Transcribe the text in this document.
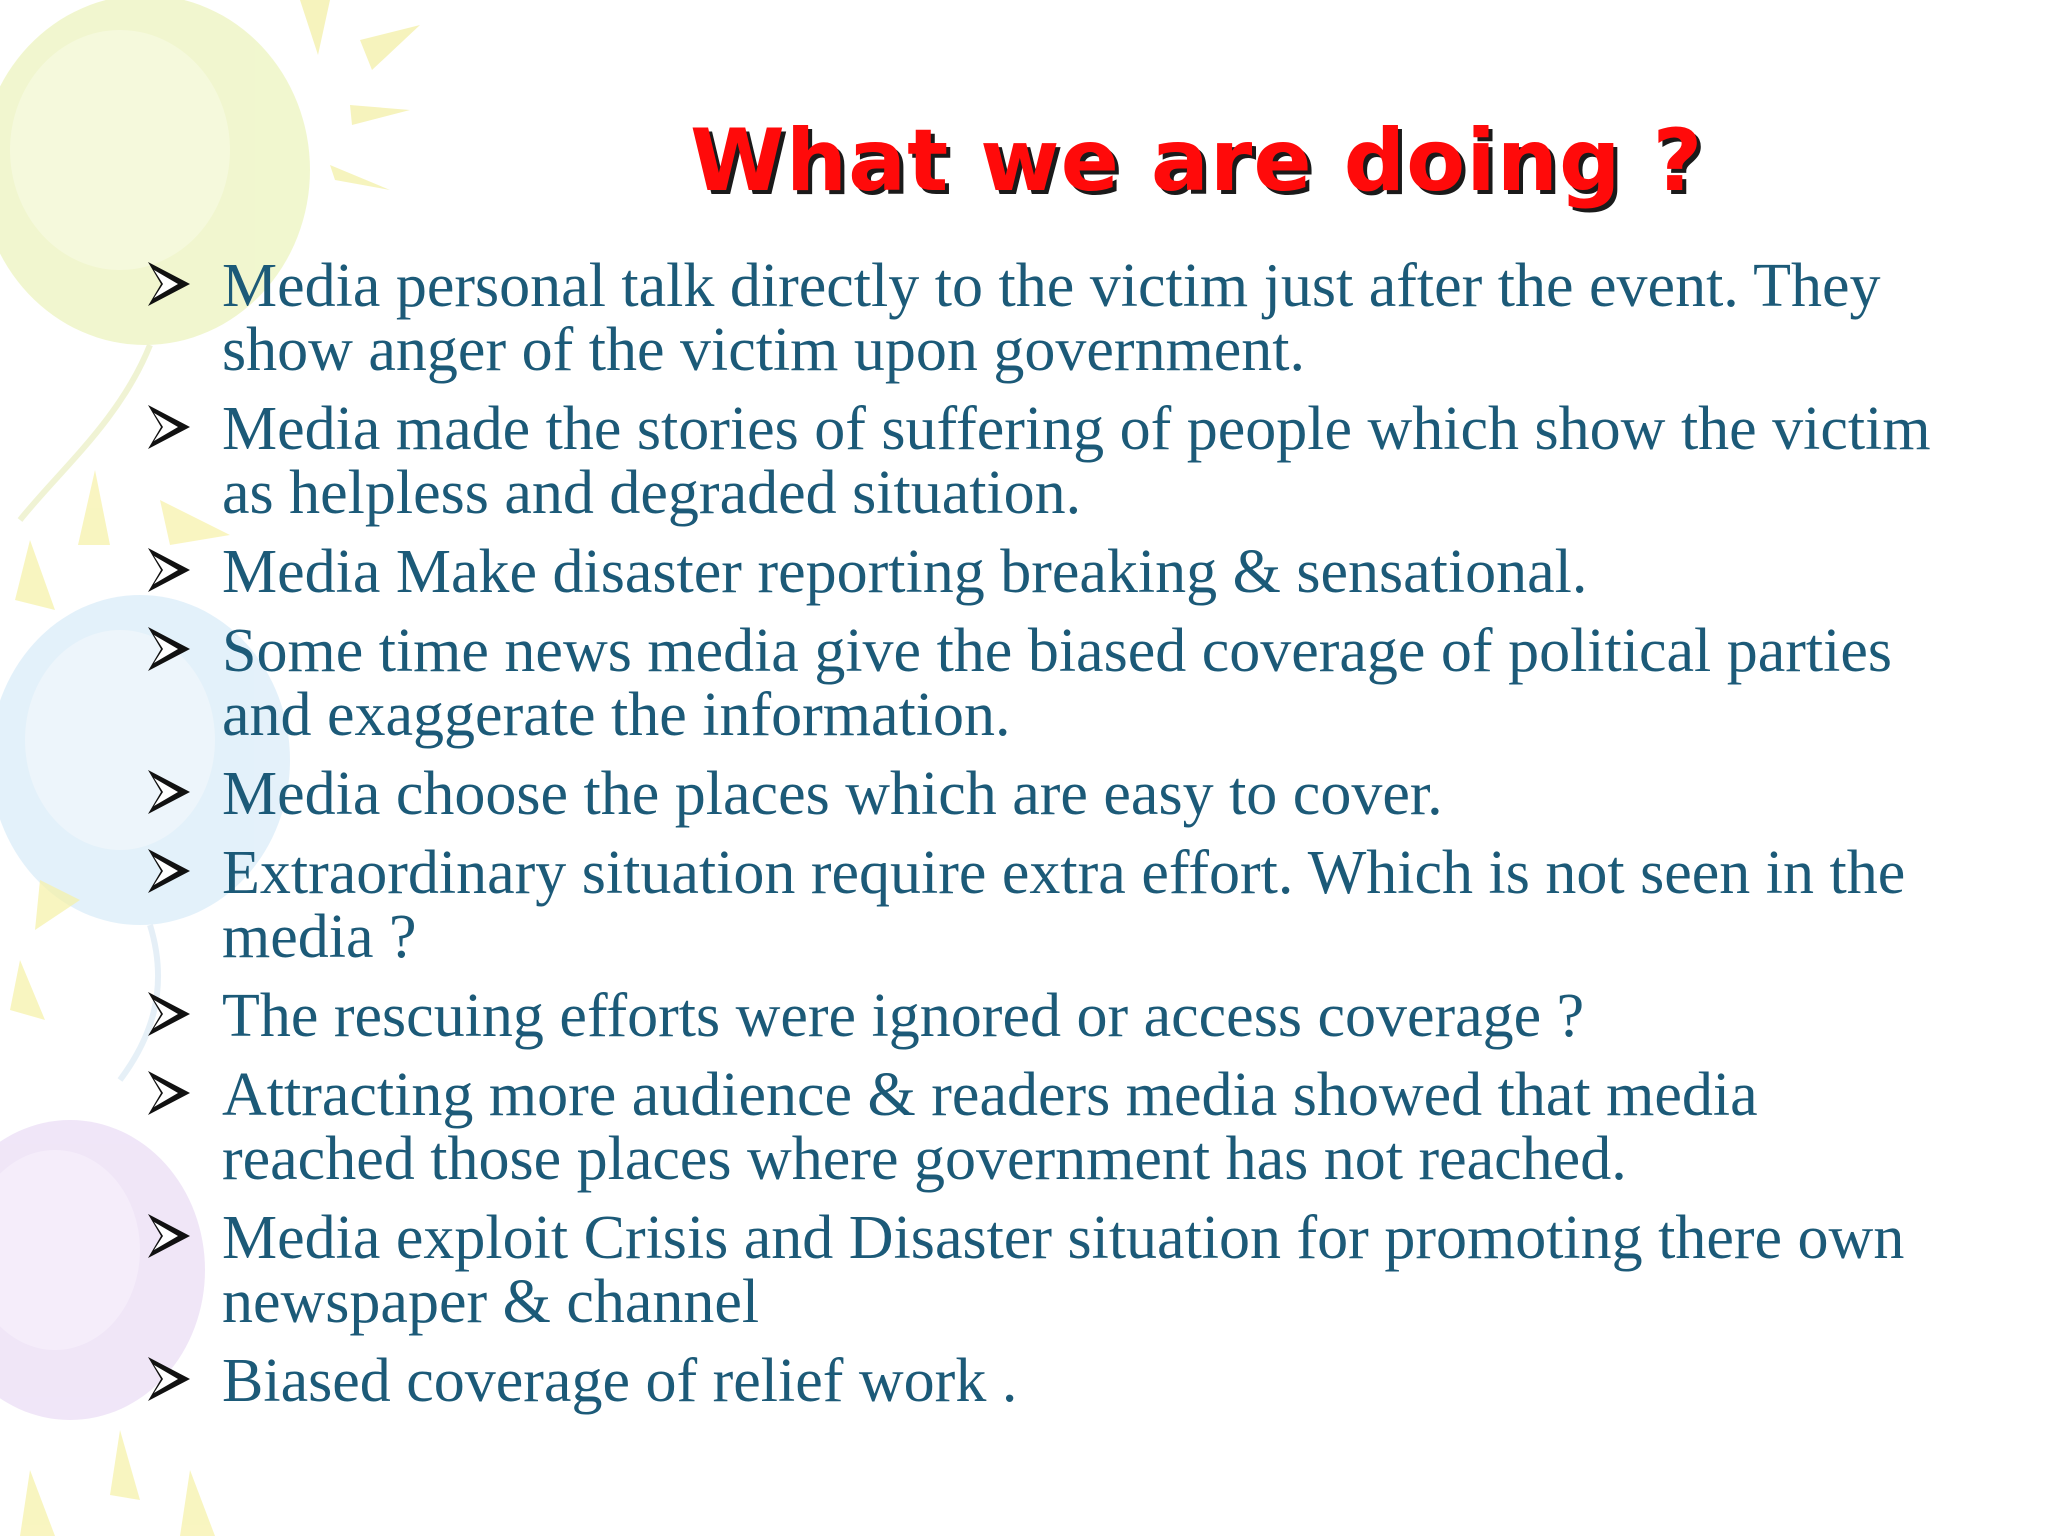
What we are doing ?
Media personal talk directly to the victim just after the event. They show anger of the victim upon government.
Media made the stories of suffering of people which show the victim as helpless and degraded situation.
Media Make disaster reporting breaking & sensational.
Some time news media give the biased coverage of political parties and exaggerate the information.
Media choose the places which are easy to cover.
Extraordinary situation require extra effort. Which is not seen in the media ?
The rescuing efforts were ignored or access coverage ?
Attracting more audience & readers media showed that media reached those places where government has not reached.
Media exploit Crisis and Disaster situation for promoting there own newspaper & channel
Biased coverage of relief work .
